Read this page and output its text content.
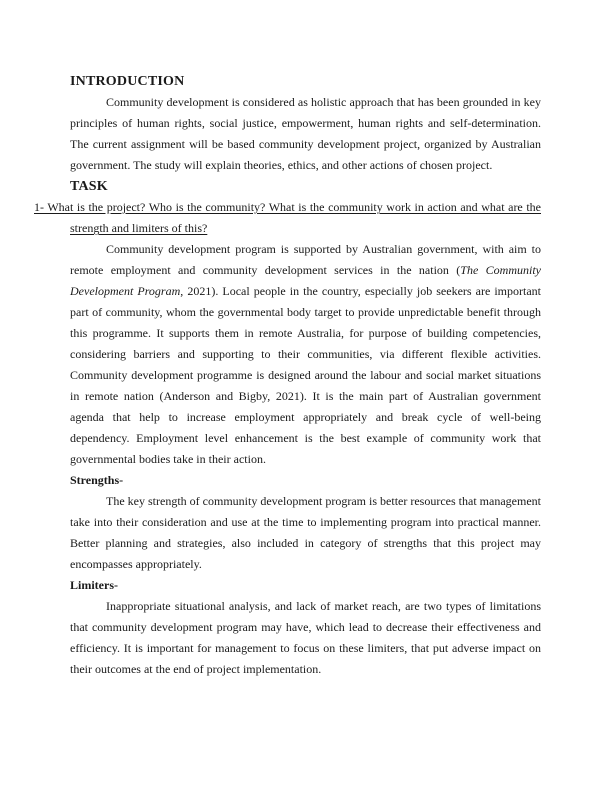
INTRODUCTION

Community development is considered as holistic approach that has been grounded in key principles of human rights, social justice, empowerment, human rights and self-determination. The current assignment will be based community development project, organized by Australian government. The study will explain theories, ethics, and other actions of chosen project.

TASK

1- What is the project? Who is the community? What is the community work in action and what are the strength and limiters of this?

Community development program is supported by Australian government, with aim to remote employment and community development services in the nation (The Community Development Program, 2021). Local people in the country, especially job seekers are important part of community, whom the governmental body target to provide unpredictable benefit through this programme. It supports them in remote Australia, for purpose of building competencies, considering barriers and supporting to their communities, via different flexible activities. Community development programme is designed around the labour and social market situations in remote nation (Anderson and Bigby, 2021). It is the main part of Australian government agenda that help to increase employment appropriately and break cycle of well-being dependency. Employment level enhancement is the best example of community work that governmental bodies take in their action.

Strengths-

The key strength of community development program is better resources that management take into their consideration and use at the time to implementing program into practical manner. Better planning and strategies, also included in category of strengths that this project may encompasses appropriately.

Limiters-

Inappropriate situational analysis, and lack of market reach, are two types of limitations that community development program may have, which lead to decrease their effectiveness and efficiency. It is important for management to focus on these limiters, that put adverse impact on their outcomes at the end of project implementation.
